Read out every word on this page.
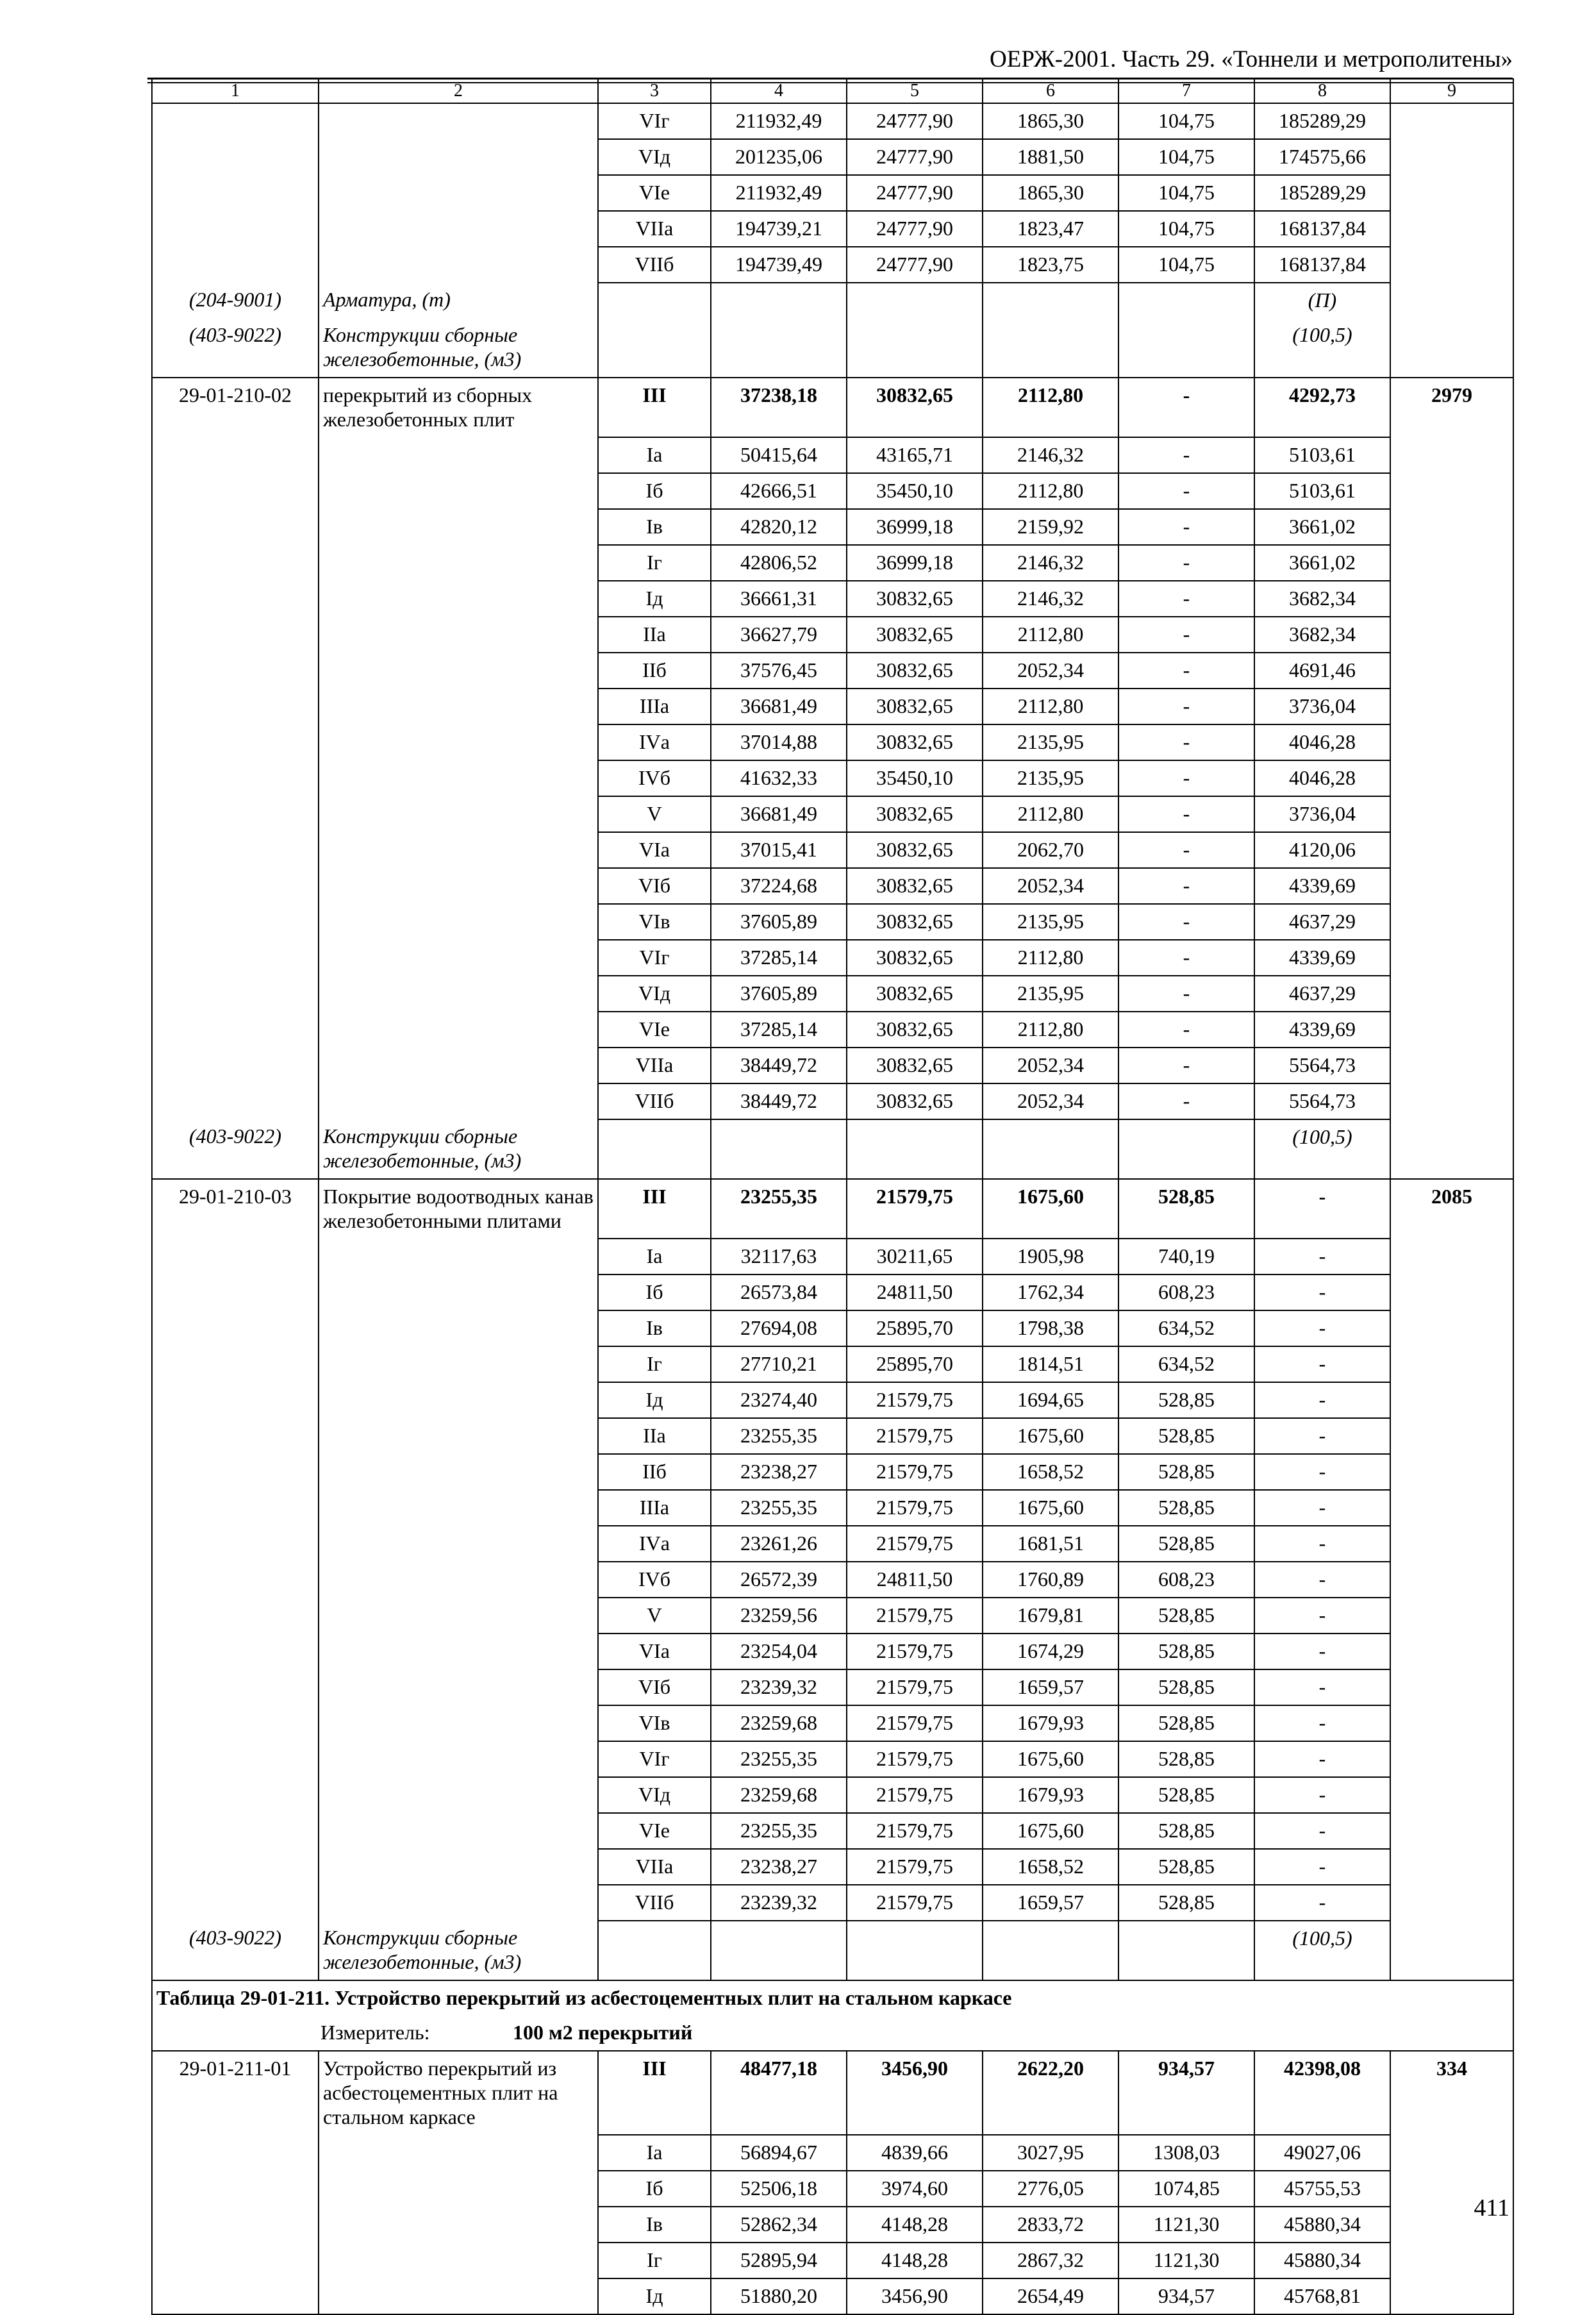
ОЕРЖ-2001. Часть 29. «Тоннели и метрополитены»
1	2	3	4	5	6	7	8	9
		VIг	211932,49	24777,90	1865,30	104,75	185289,29	
		VIд	201235,06	24777,90	1881,50	104,75	174575,66	
		VIе	211932,49	24777,90	1865,30	104,75	185289,29	
		VIIа	194739,21	24777,90	1823,47	104,75	168137,84	
		VIIб	194739,49	24777,90	1823,75	104,75	168137,84	
(204-9001)	Арматура, (т)						(П)	
(403-9022)	Конструкции сборные железобетонные, (м3)						(100,5)	
29-01-210-02	перекрытий из сборных железобетонных плит	III	37238,18	30832,65	2112,80	-	4292,73	2979
		Iа	50415,64	43165,71	2146,32	-	5103,61	
		Iб	42666,51	35450,10	2112,80	-	5103,61	
		Iв	42820,12	36999,18	2159,92	-	3661,02	
		Iг	42806,52	36999,18	2146,32	-	3661,02	
		Iд	36661,31	30832,65	2146,32	-	3682,34	
		IIа	36627,79	30832,65	2112,80	-	3682,34	
		IIб	37576,45	30832,65	2052,34	-	4691,46	
		IIIа	36681,49	30832,65	2112,80	-	3736,04	
		IVа	37014,88	30832,65	2135,95	-	4046,28	
		IVб	41632,33	35450,10	2135,95	-	4046,28	
		V	36681,49	30832,65	2112,80	-	3736,04	
		VIа	37015,41	30832,65	2062,70	-	4120,06	
		VIб	37224,68	30832,65	2052,34	-	4339,69	
		VIв	37605,89	30832,65	2135,95	-	4637,29	
		VIг	37285,14	30832,65	2112,80	-	4339,69	
		VIд	37605,89	30832,65	2135,95	-	4637,29	
		VIе	37285,14	30832,65	2112,80	-	4339,69	
		VIIа	38449,72	30832,65	2052,34	-	5564,73	
		VIIб	38449,72	30832,65	2052,34	-	5564,73	
(403-9022)	Конструкции сборные железобетонные, (м3)						(100,5)	
29-01-210-03	Покрытие водоотводных канав железобетонными плитами	III	23255,35	21579,75	1675,60	528,85	-	2085
		Iа	32117,63	30211,65	1905,98	740,19	-	
		Iб	26573,84	24811,50	1762,34	608,23	-	
		Iв	27694,08	25895,70	1798,38	634,52	-	
		Iг	27710,21	25895,70	1814,51	634,52	-	
		Iд	23274,40	21579,75	1694,65	528,85	-	
		IIа	23255,35	21579,75	1675,60	528,85	-	
		IIб	23238,27	21579,75	1658,52	528,85	-	
		IIIа	23255,35	21579,75	1675,60	528,85	-	
		IVа	23261,26	21579,75	1681,51	528,85	-	
		IVб	26572,39	24811,50	1760,89	608,23	-	
		V	23259,56	21579,75	1679,81	528,85	-	
		VIа	23254,04	21579,75	1674,29	528,85	-	
		VIб	23239,32	21579,75	1659,57	528,85	-	
		VIв	23259,68	21579,75	1679,93	528,85	-	
		VIг	23255,35	21579,75	1675,60	528,85	-	
		VIд	23259,68	21579,75	1679,93	528,85	-	
		VIе	23255,35	21579,75	1675,60	528,85	-	
		VIIа	23238,27	21579,75	1658,52	528,85	-	
		VIIб	23239,32	21579,75	1659,57	528,85	-	
(403-9022)	Конструкции сборные железобетонные, (м3)						(100,5)	
Таблица 29-01-211. Устройство перекрытий из асбестоцементных плит на стальном каркасе								
Измеритель: 100 м2 перекрытий								
29-01-211-01	Устройство перекрытий из асбестоцементных плит на стальном каркасе	III	48477,18	3456,90	2622,20	934,57	42398,08	334
		Iа	56894,67	4839,66	3027,95	1308,03	49027,06	
		Iб	52506,18	3974,60	2776,05	1074,85	45755,53	
		Iв	52862,34	4148,28	2833,72	1121,30	45880,34	
		Iг	52895,94	4148,28	2867,32	1121,30	45880,34	
		Iд	51880,20	3456,90	2654,49	934,57	45768,81	
411
